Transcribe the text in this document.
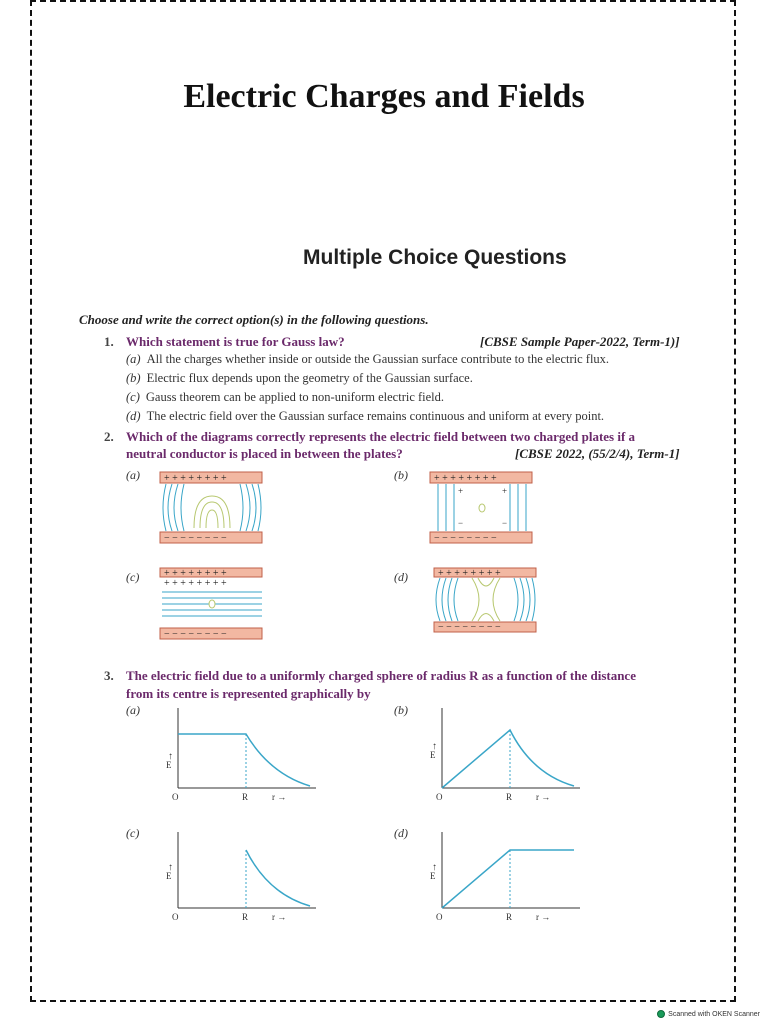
Electric Charges and Fields
Multiple Choice Questions
Choose and write the correct option(s) in the following questions.
1. Which statement is true for Gauss law?	[CBSE Sample Paper-2022, Term-1)]
(a) All the charges whether inside or outside the Gaussian surface contribute to the electric flux.
(b) Electric flux depends upon the geometry of the Gaussian surface.
(c) Gauss theorem can be applied to non-uniform electric field.
(d) The electric field over the Gaussian surface remains continuous and uniform at every point.
2. Which of the diagrams correctly represents the electric field between two charged plates if a
neutral conductor is placed in between the plates?	[CBSE 2022, (55/2/4), Term-1]
(a)	(b)
(c)	(d)
+ + + + + + + +
− − − − − − − −
+ + + + + + + +
− − − − − − − −
+	+
−	−
+ + + + + + + +
+ + + + + + + +
− − − − − − − −
+ + + + + + + +
− − − − − − − −
3. The electric field due to a uniformly charged sphere of radius R as a function of the distance
from its centre is represented graphically by
(a)	(b)
(c)	(d)
↑
E
O	R	r →
↑
E
O	R	r →
↑
E
O	R	r →
↑
E
O	R	r →
Scanned with OKEN Scanner
